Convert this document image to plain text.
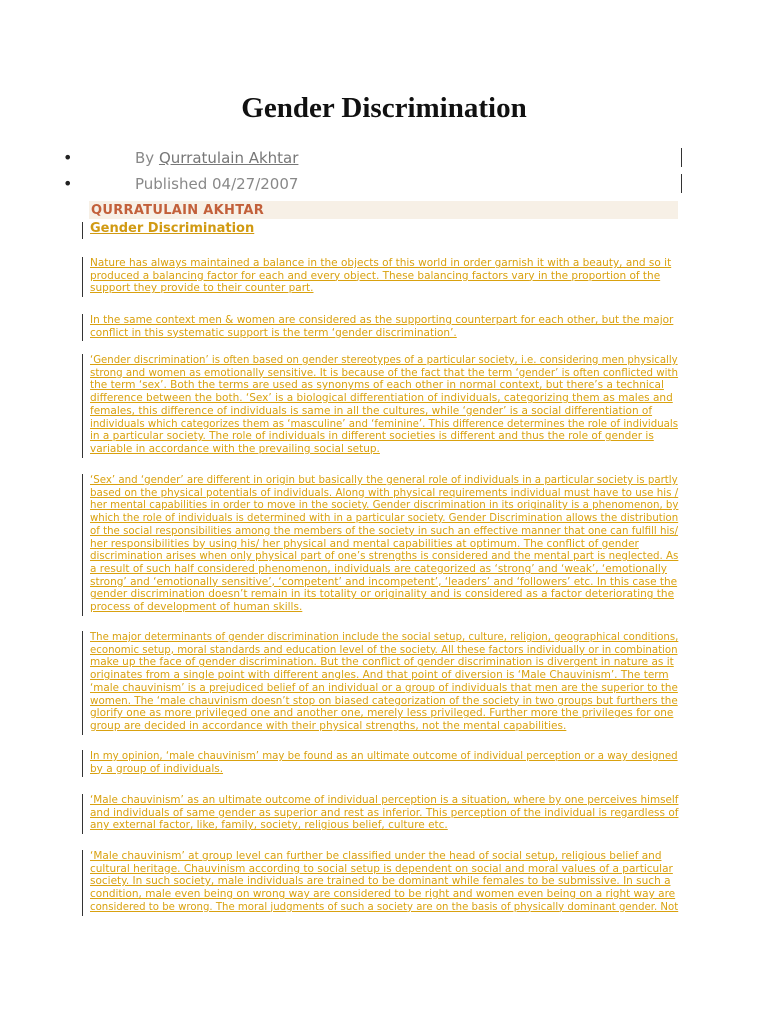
Gender Discrimination
•	By Qurratulain Akhtar
•	Published 04/27/2007
QURRATULAIN AKHTAR
Gender Discrimination
Nature has always maintained a balance in the objects of this world in order garnish it with a beauty, and so it
produced a balancing factor for each and every object. These balancing factors vary in the proportion of the
support they provide to their counter part.
In the same context men & women are considered as the supporting counterpart for each other, but the major
conflict in this systematic support is the term ‘gender discrimination’.
‘Gender discrimination’ is often based on gender stereotypes of a particular society, i.e. considering men physically
strong and women as emotionally sensitive. It is because of the fact that the term ‘gender’ is often conflicted with
the term ‘sex’. Both the terms are used as synonyms of each other in normal context, but there’s a technical
difference between the both. ‘Sex’ is a biological differentiation of individuals, categorizing them as males and
females, this difference of individuals is same in all the cultures, while ‘gender’ is a social differentiation of
individuals which categorizes them as ‘masculine’ and ‘feminine’. This difference determines the role of individuals
in a particular society. The role of individuals in different societies is different and thus the role of gender is
variable in accordance with the prevailing social setup.
‘Sex’ and ‘gender’ are different in origin but basically the general role of individuals in a particular society is partly
based on the physical potentials of individuals. Along with physical requirements individual must have to use his /
her mental capabilities in order to move in the society. Gender discrimination in its originality is a phenomenon, by
which the role of individuals is determined with in a particular society. Gender Discrimination allows the distribution
of the social responsibilities among the members of the society in such an effective manner that one can fulfill his/
her responsibilities by using his/ her physical and mental capabilities at optimum. The conflict of gender
discrimination arises when only physical part of one’s strengths is considered and the mental part is neglected. As
a result of such half considered phenomenon, individuals are categorized as ‘strong’ and ‘weak’, ‘emotionally
strong’ and ‘emotionally sensitive’, ‘competent’ and incompetent’, ‘leaders’ and ‘followers’ etc. In this case the
gender discrimination doesn’t remain in its totality or originality and is considered as a factor deteriorating the
process of development of human skills.
The major determinants of gender discrimination include the social setup, culture, religion, geographical conditions,
economic setup, moral standards and education level of the society. All these factors individually or in combination
make up the face of gender discrimination. But the conflict of gender discrimination is divergent in nature as it
originates from a single point with different angles. And that point of diversion is ‘Male Chauvinism’. The term
‘male chauvinism’ is a prejudiced belief of an individual or a group of individuals that men are the superior to the
women. The ‘male chauvinism doesn’t stop on biased categorization of the society in two groups but furthers the
glorify one as more privileged one and another one, merely less privileged. Further more the privileges for one
group are decided in accordance with their physical strengths, not the mental capabilities.
In my opinion, ‘male chauvinism’ may be found as an ultimate outcome of individual perception or a way designed
by a group of individuals.
‘Male chauvinism’ as an ultimate outcome of individual perception is a situation, where by one perceives himself
and individuals of same gender as superior and rest as inferior. This perception of the individual is regardless of
any external factor, like, family, society, religious belief, culture etc.
‘Male chauvinism’ at group level can further be classified under the head of social setup, religious belief and
cultural heritage. Chauvinism according to social setup is dependent on social and moral values of a particular
society. In such society, male individuals are trained to be dominant while females to be submissive. In such a
condition, male even being on wrong way are considered to be right and women even being on a right way are
considered to be wrong. The moral judgments of such a society are on the basis of physically dominant gender. Not
